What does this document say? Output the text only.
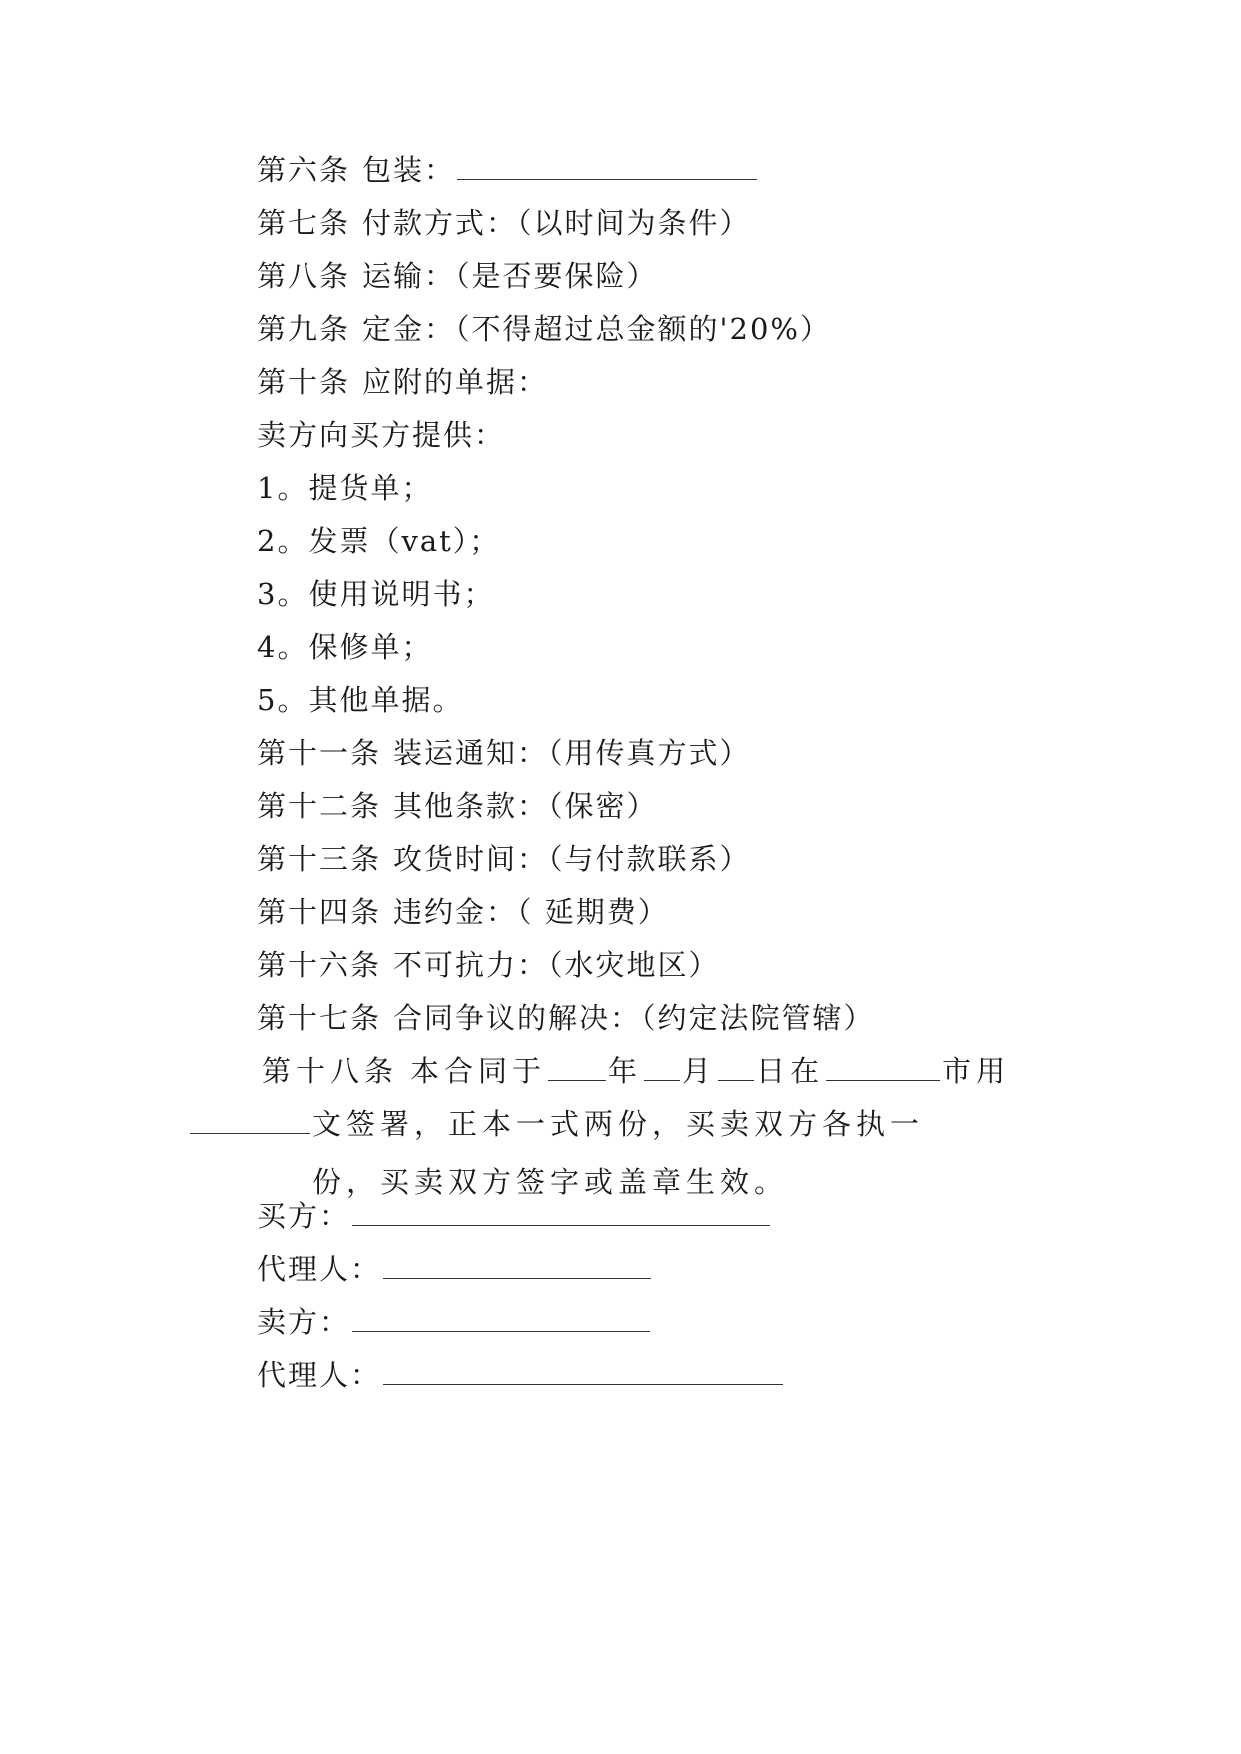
第六条 包装：
第七条 付款方式：（以时间为条件）
第八条 运输：（是否要保险）
第九条 定金：（不得超过总金额的'20%）
第十条 应附的单据：
卖方向买方提供：
1。提货单；
2。发票（vat）；
3。使用说明书；
4。保修单；
5。其他单据。
第十一条 装运通知：（用传真方式）
第十二条 其他条款：（保密）
第十三条 攻货时间：（与付款联系）
第十四条 违约金：（ 延期费）
第十六条 不可抗力：（水灾地区）
第十七条 合同争议的解决：（约定法院管辖）
第十八条 本合同于 年 月 日在	市用
文签署，正本一式两份，买卖双方各执一份，买卖双方签字或盖章生效。
买方：
代理人：
卖方：
代理人：
